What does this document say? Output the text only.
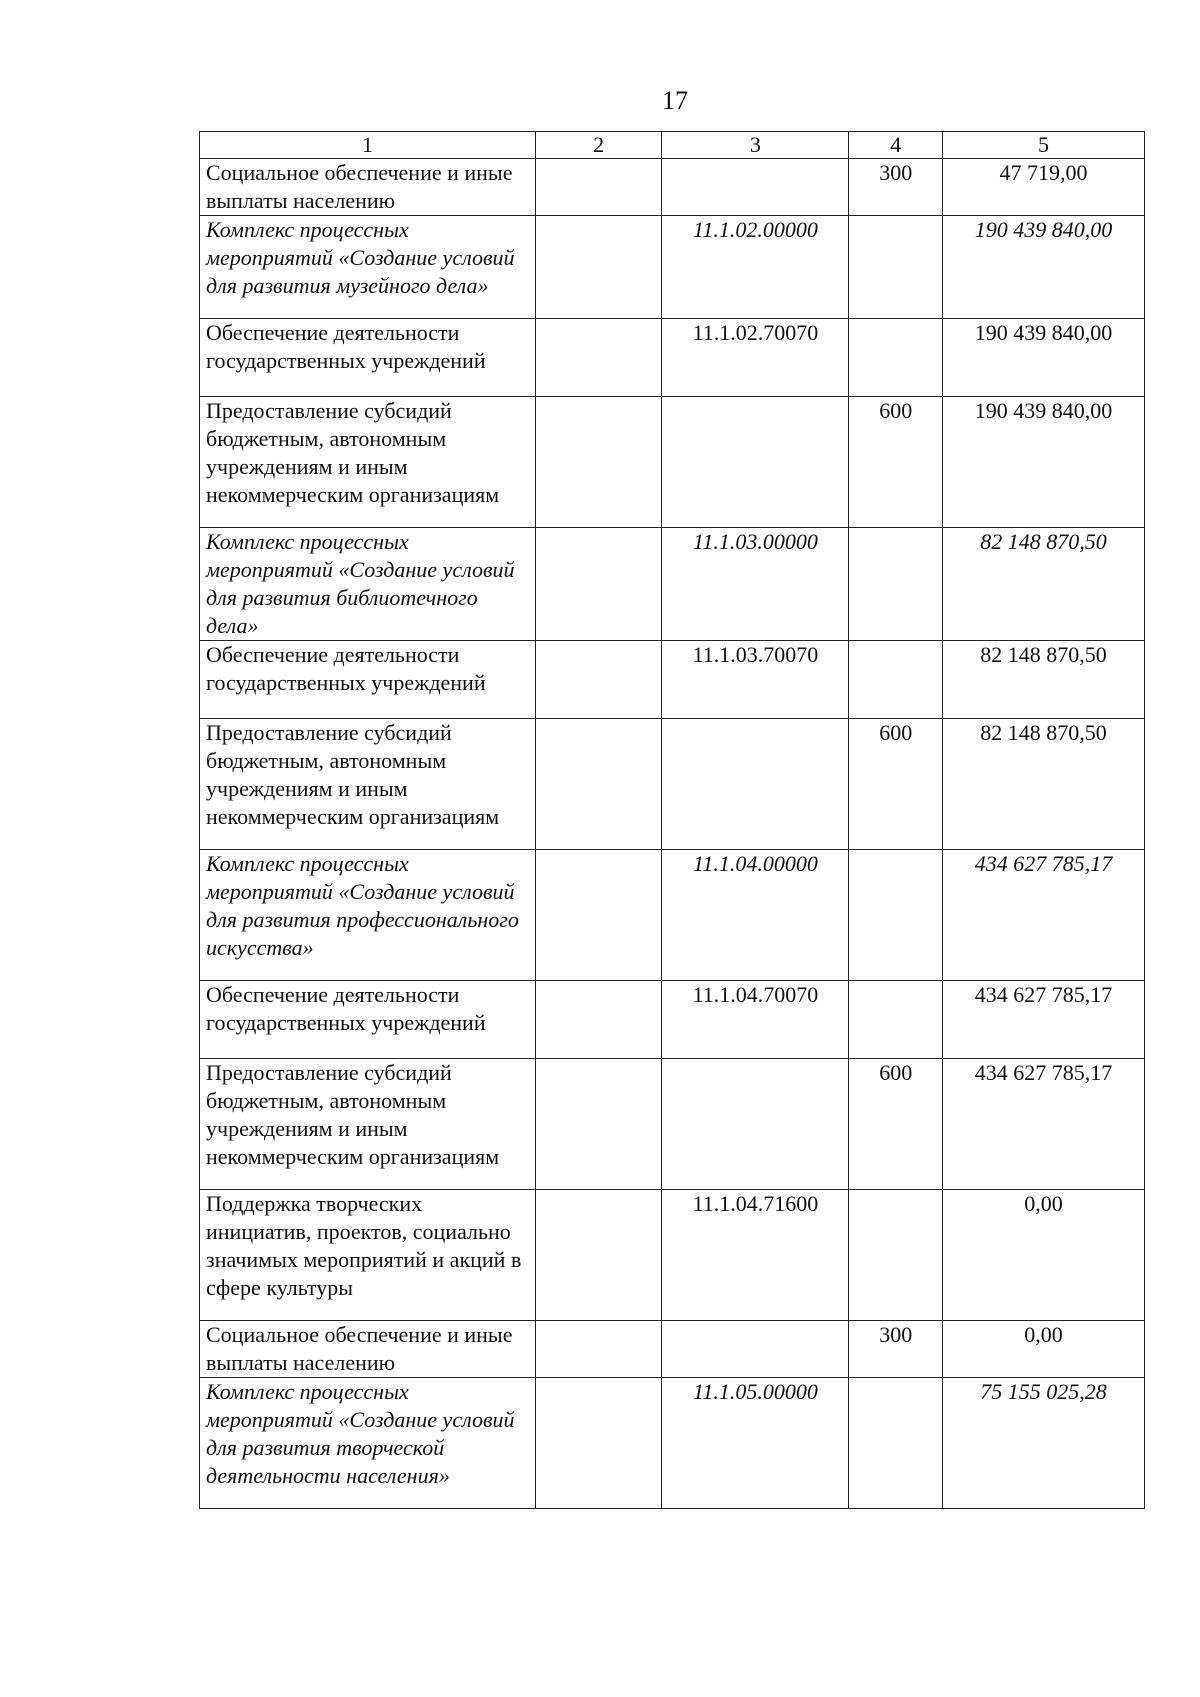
17
1	2	3	4	5
Социальное обеспечение и иные выплаты населению			300	47 719,00
Комплекс процессных мероприятий «Создание условий для развития музейного дела»		11.1.02.00000		190 439 840,00
Обеспечение деятельности государственных учреждений		11.1.02.70070		190 439 840,00
Предоставление субсидий бюджетным, автономным учреждениям и иным некоммерческим организациям			600	190 439 840,00
Комплекс процессных мероприятий «Создание условий для развития библиотечного дела»		11.1.03.00000		82 148 870,50
Обеспечение деятельности государственных учреждений		11.1.03.70070		82 148 870,50
Предоставление субсидий бюджетным, автономным учреждениям и иным некоммерческим организациям			600	82 148 870,50
Комплекс процессных мероприятий «Создание условий для развития профессионального искусства»		11.1.04.00000		434 627 785,17
Обеспечение деятельности государственных учреждений		11.1.04.70070		434 627 785,17
Предоставление субсидий бюджетным, автономным учреждениям и иным некоммерческим организациям			600	434 627 785,17
Поддержка творческих инициатив, проектов, социально значимых мероприятий и акций в сфере культуры		11.1.04.71600		0,00
Социальное обеспечение и иные выплаты населению			300	0,00
Комплекс процессных мероприятий «Создание условий для развития творческой деятельности населения»		11.1.05.00000		75 155 025,28
